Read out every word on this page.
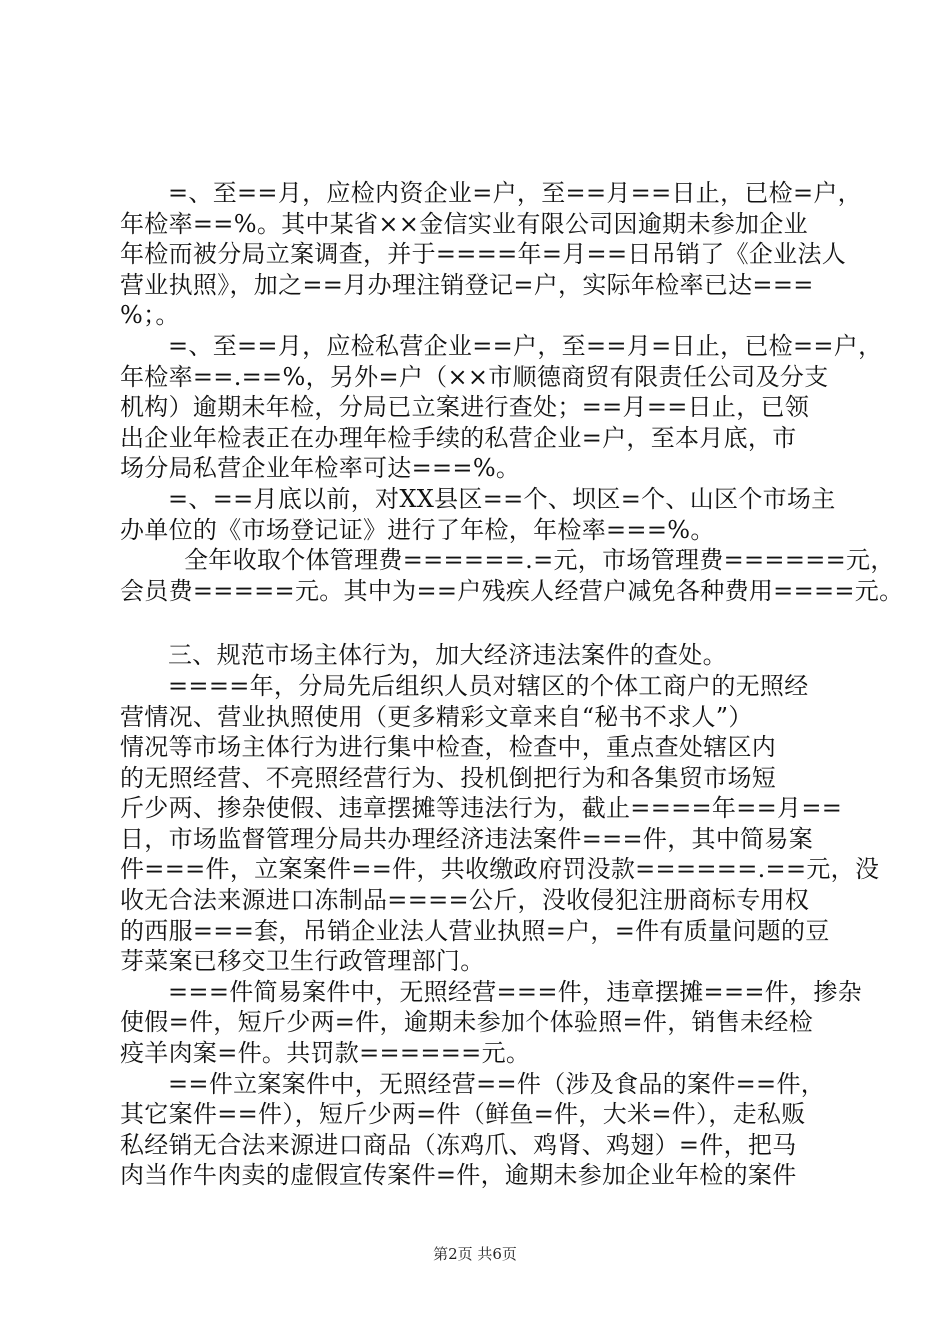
=、至==月，应检内资企业=户，至==月==日止，已检=户，
年检率==%。其中某省××金信实业有限公司因逾期未参加企业
年检而被分局立案调查，并于====年=月==日吊销了《企业法人
营业执照》，加之==月办理注销登记=户，实际年检率已达===
%；。
=、至==月，应检私营企业==户，至==月=日止，已检==户，
年检率==.==%，另外=户（××市顺德商贸有限责任公司及分支
机构）逾期未年检，分局已立案进行查处；==月==日止，已领
出企业年检表正在办理年检手续的私营企业=户，至本月底，市
场分局私营企业年检率可达===%。
=、==月底以前，对XX县区==个、坝区=个、山区个市场主
办单位的《市场登记证》进行了年检，年检率===%。
全年收取个体管理费======.=元，市场管理费======元，
会员费=====元。其中为==户残疾人经营户减免各种费用====元。
三、规范市场主体行为，加大经济违法案件的查处。
====年，分局先后组织人员对辖区的个体工商户的无照经
营情况、营业执照使用（更多精彩文章来自“秘书不求人”）
情况等市场主体行为进行集中检查，检查中，重点查处辖区内
的无照经营、不亮照经营行为、投机倒把行为和各集贸市场短
斤少两、掺杂使假、违章摆摊等违法行为，截止====年==月==
日，市场监督管理分局共办理经济违法案件===件，其中简易案
件===件，立案案件==件，共收缴政府罚没款======.==元，没
收无合法来源进口冻制品====公斤，没收侵犯注册商标专用权
的西服===套，吊销企业法人营业执照=户，=件有质量问题的豆
芽菜案已移交卫生行政管理部门。
===件简易案件中，无照经营===件，违章摆摊===件，掺杂
使假=件，短斤少两=件，逾期未参加个体验照=件，销售未经检
疫羊肉案=件。共罚款======元。
==件立案案件中，无照经营==件（涉及食品的案件==件，
其它案件==件），短斤少两=件（鲜鱼=件，大米=件），走私贩
私经销无合法来源进口商品（冻鸡爪、鸡肾、鸡翅）=件，把马
肉当作牛肉卖的虚假宣传案件=件，逾期未参加企业年检的案件
第2页 共6页
